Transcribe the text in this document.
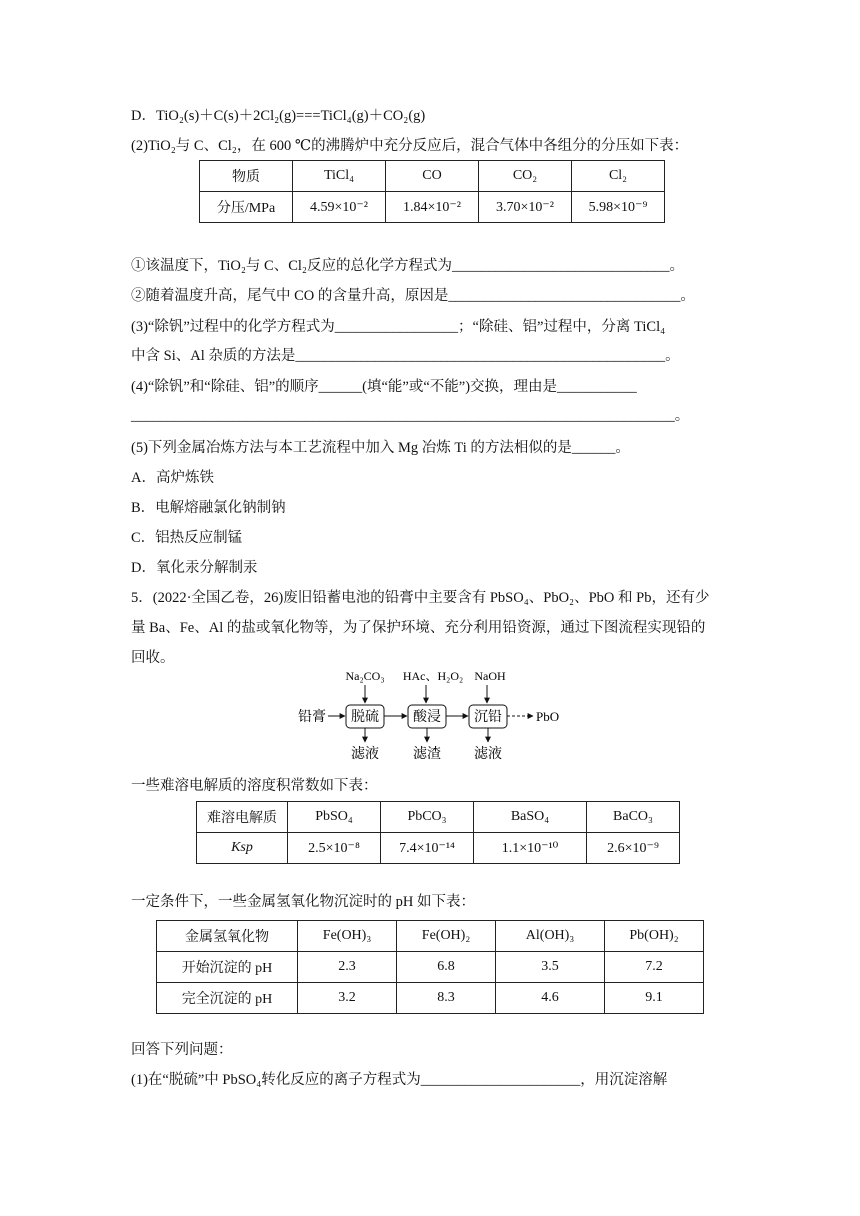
D．TiO₂(s)＋C(s)＋2Cl₂(g)===TiCl₄(g)＋CO₂(g)
(2)TiO₂与 C、Cl₂，在 600 ℃的沸腾炉中充分反应后，混合气体中各组分的分压如下表：
物质	TiCl₄	CO	CO₂	Cl₂
分压/MPa	4.59×10⁻²	1.84×10⁻²	3.70×10⁻²	5.98×10⁻⁹
①该温度下，TiO₂与 C、Cl₂反应的总化学方程式为______________________________。
②随着温度升高，尾气中 CO 的含量升高，原因是________________________________。
(3)“除钒”过程中的化学方程式为_________________；“除硅、铝”过程中，分离 TiCl₄
中含 Si、Al 杂质的方法是___________________________________________________。
(4)“除钒”和“除硅、铝”的顺序______(填“能”或“不能”)交换，理由是___________
___________________________________________________________________________。
(5)下列金属冶炼方法与本工艺流程中加入 Mg 冶炼 Ti 的方法相似的是______。
A．高炉炼铁
B．电解熔融氯化钠制钠
C．铝热反应制锰
D．氧化汞分解制汞
5．(2022·全国乙卷，26)废旧铅蓄电池的铅膏中主要含有 PbSO₄、PbO₂、PbO 和 Pb，还有少
量 Ba、Fe、Al 的盐或氧化物等，为了保护环境、充分利用铅资源，通过下图流程实现铅的
回收。
Na₂CO₃ HAc、H₂O₂ NaOH
铅膏 脱硫 酸浸 沉铅	PbO
滤液 滤渣 滤液
一些难溶电解质的溶度积常数如下表：
难溶电解质	PbSO₄	PbCO₃	BaSO₄	BaCO₃
Ksp	2.5×10⁻⁸	7.4×10⁻¹⁴	1.1×10⁻¹⁰	2.6×10⁻⁹
一定条件下，一些金属氢氧化物沉淀时的 pH 如下表：
金属氢氧化物	Fe(OH)₃	Fe(OH)₂	Al(OH)₃	Pb(OH)₂
开始沉淀的 pH	2.3	6.8	3.5	7.2
完全沉淀的 pH	3.2	8.3	4.6	9.1
回答下列问题：
(1)在“脱硫”中 PbSO₄转化反应的离子方程式为______________________，用沉淀溶解
